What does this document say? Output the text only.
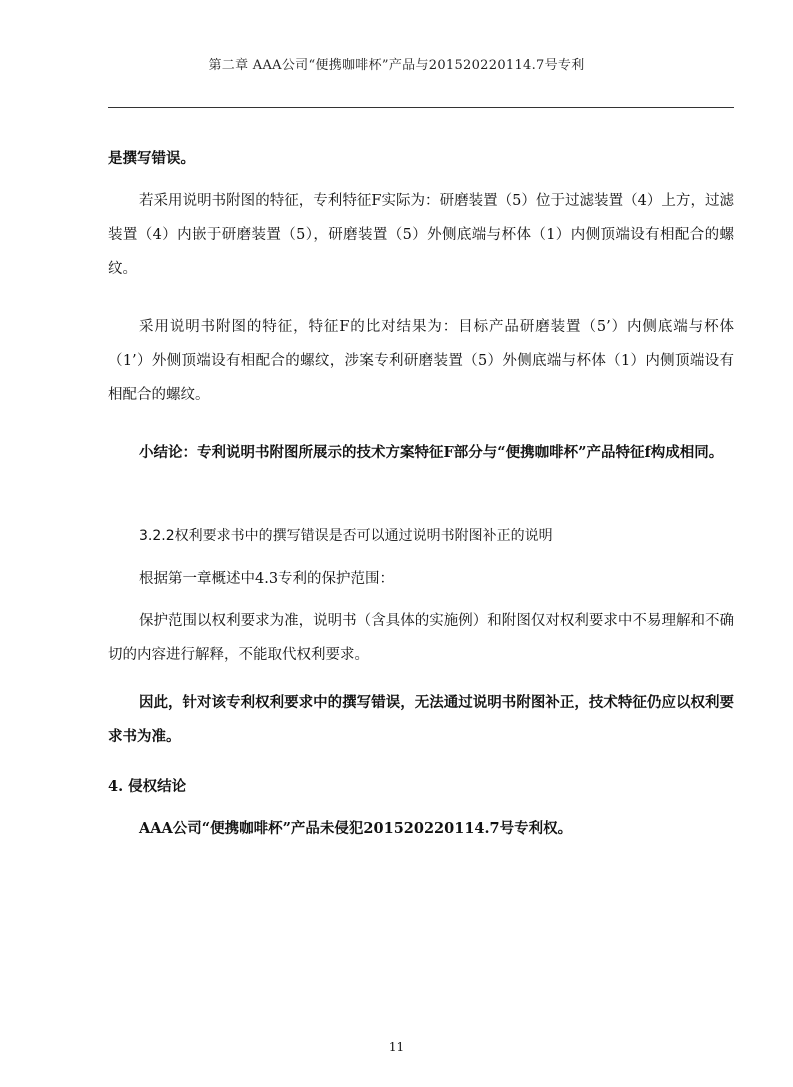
第二章 AAA公司“便携咖啡杯”产品与201520220114.7号专利
是撰写错误。
若采用说明书附图的特征，专利特征F实际为：研磨装置（5）位于过滤装置（4）上方，过滤装置（4）内嵌于研磨装置（5），研磨装置（5）外侧底端与杯体（1）内侧顶端设有相配合的螺纹。
采用说明书附图的特征，特征F的比对结果为：目标产品研磨装置（5’）内侧底端与杯体（1’）外侧顶端设有相配合的螺纹，涉案专利研磨装置（5）外侧底端与杯体（1）内侧顶端设有相配合的螺纹。
小结论：专利说明书附图所展示的技术方案特征F部分与“便携咖啡杯”产品特征f构成相同。
3.2.2权利要求书中的撰写错误是否可以通过说明书附图补正的说明
根据第一章概述中4.3专利的保护范围：
保护范围以权利要求为准，说明书（含具体的实施例）和附图仅对权利要求中不易理解和不确切的内容进行解释，不能取代权利要求。
因此，针对该专利权利要求中的撰写错误，无法通过说明书附图补正，技术特征仍应以权利要求书为准。
4. 侵权结论
AAA公司“便携咖啡杯”产品未侵犯201520220114.7号专利权。
11
